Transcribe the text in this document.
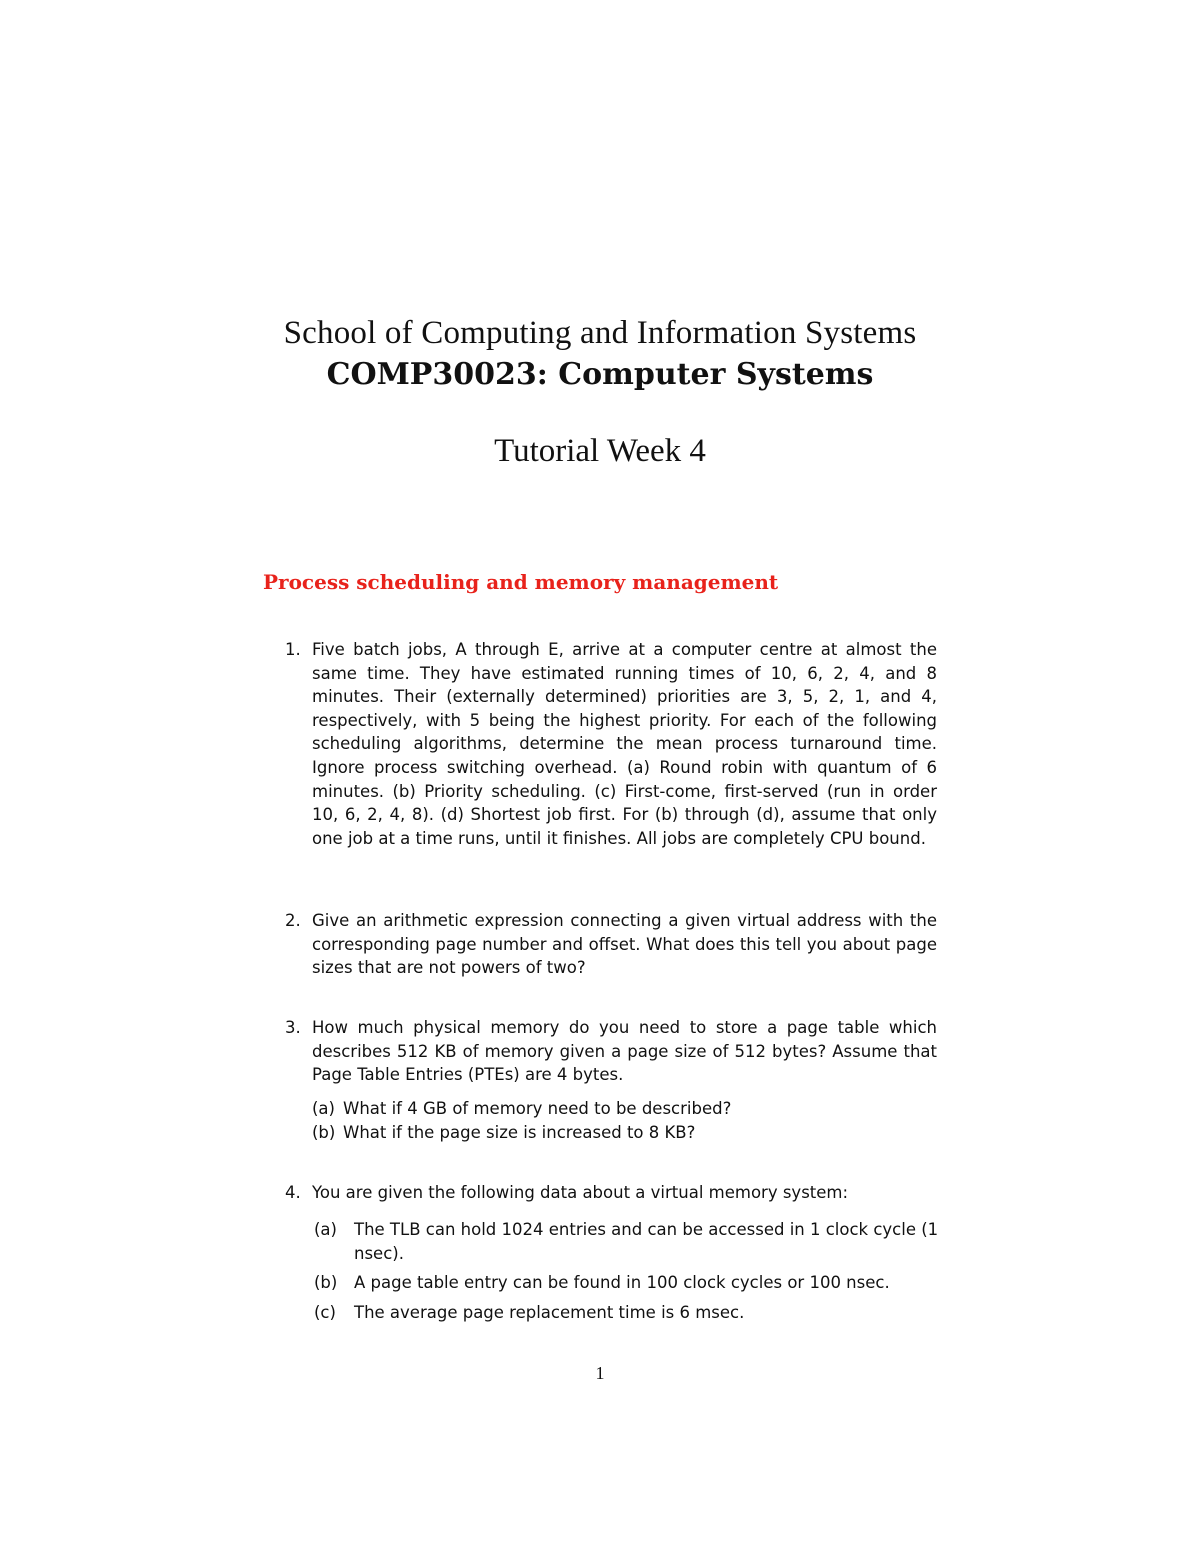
School of Computing and Information Systems
COMP30023: Computer Systems
Tutorial Week 4
Process scheduling and memory management
1. Five batch jobs, A through E, arrive at a computer centre at almost the same time. They have estimated running times of 10, 6, 2, 4, and 8 minutes. Their (externally determined) priorities are 3, 5, 2, 1, and 4, respectively, with 5 being the highest priority. For each of the following scheduling algorithms, determine the mean process turnaround time. Ignore process switching overhead. (a) Round robin with quantum of 6 minutes. (b) Priority scheduling. (c) First-come, first-served (run in order 10, 6, 2, 4, 8). (d) Shortest job first. For (b) through (d), assume that only one job at a time runs, until it finishes. All jobs are completely CPU bound.
2. Give an arithmetic expression connecting a given virtual address with the corresponding page number and offset. What does this tell you about page sizes that are not powers of two?
3. How much physical memory do you need to store a page table which describes 512 KB of memory given a page size of 512 bytes? Assume that Page Table Entries (PTEs) are 4 bytes.
(a) What if 4 GB of memory need to be described?
(b) What if the page size is increased to 8 KB?
4. You are given the following data about a virtual memory system:
(a) The TLB can hold 1024 entries and can be accessed in 1 clock cycle (1 nsec).
(b) A page table entry can be found in 100 clock cycles or 100 nsec.
(c) The average page replacement time is 6 msec.
1
